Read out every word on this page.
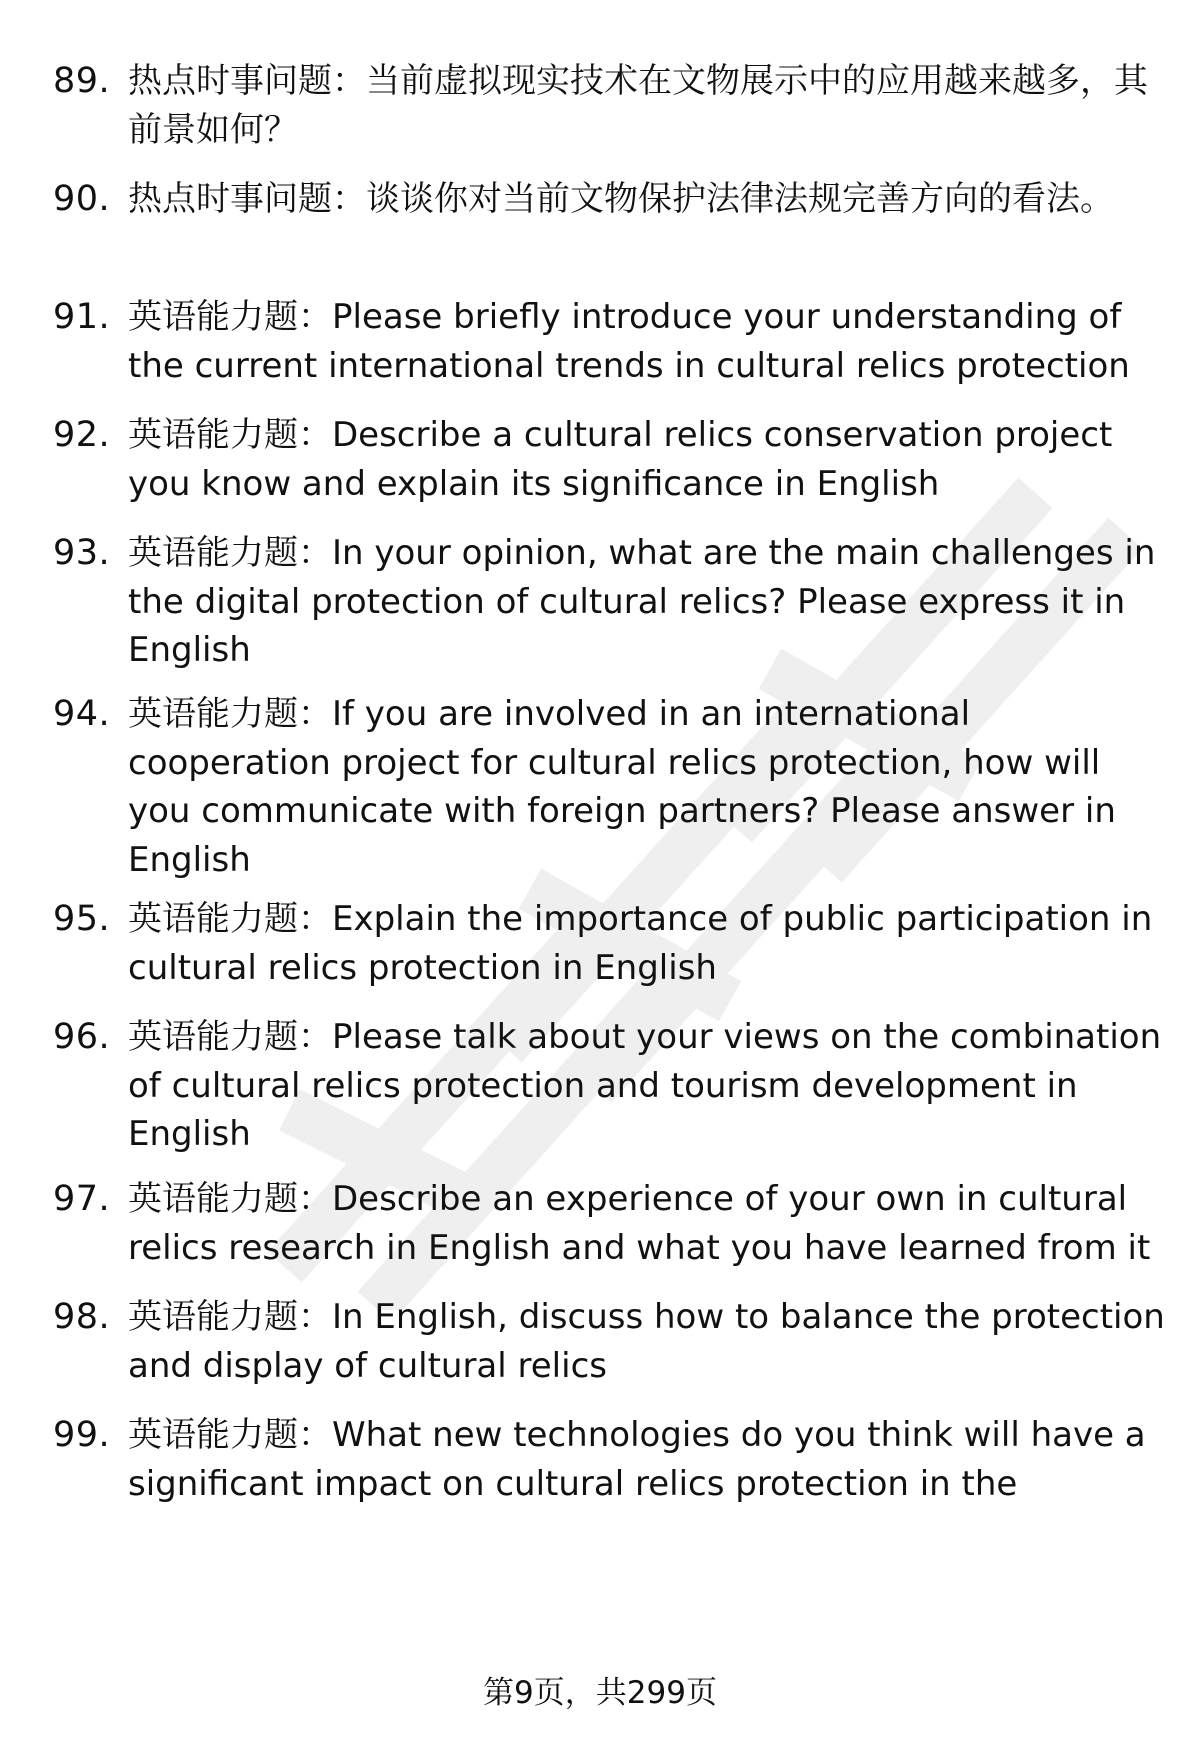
89. 热点时事问题：当前虚拟现实技术在文物展示中的应用越来越多，其前景如何？
90. 热点时事问题：谈谈你对当前文物保护法律法规完善方向的看法。
91. 英语能力题：Please briefly introduce your understanding of the current international trends in cultural relics protection
92. 英语能力题：Describe a cultural relics conservation project you know and explain its significance in English
93. 英语能力题：In your opinion, what are the main challenges in the digital protection of cultural relics? Please express it in English
94. 英语能力题：If you are involved in an international cooperation project for cultural relics protection, how will you communicate with foreign partners? Please answer in English
95. 英语能力题：Explain the importance of public participation in cultural relics protection in English
96. 英语能力题：Please talk about your views on the combination of cultural relics protection and tourism development in English
97. 英语能力题：Describe an experience of your own in cultural relics research in English and what you have learned from it
98. 英语能力题：In English, discuss how to balance the protection and display of cultural relics
99. 英语能力题：What new technologies do you think will have a significant impact on cultural relics protection in the
第9页，共299页
